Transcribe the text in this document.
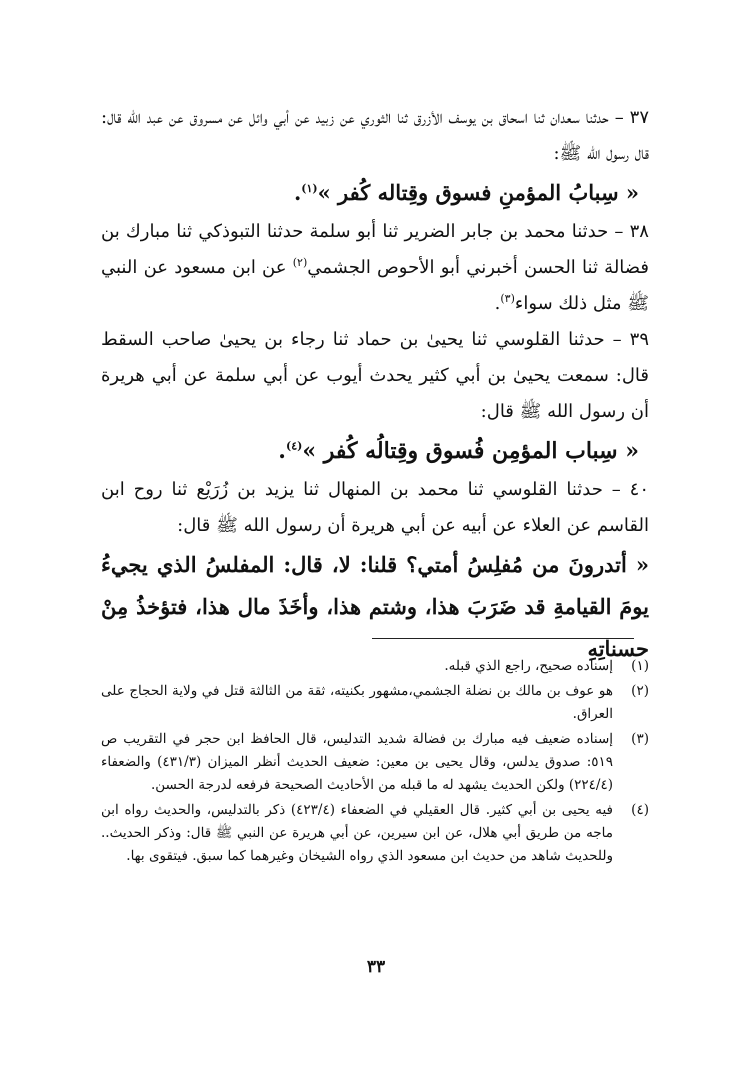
٣٧ – حدثنا سعدان ثنا اسحاق بن يوسف الأزرق ثنا الثوري عن زبيد عن أبي وائل عن مسروق عن عبد الله قال: قال رسول الله ﷺ:

« سِبابُ المؤمنِ فسوق وقِتاله كُفر »$^{(١)}$.

٣٨ – حدثنا محمد بن جابر الضرير ثنا أبو سلمة حدثنا التبوذكي ثنا مبارك بن فضالة ثنا الحسن أخبرني أبو الأحوص الجشمي$^{(٢)}$ عن ابن مسعود عن النبي ﷺ مثل ذلك سواء$^{(٣)}$.

٣٩ – حدثنا القلوسي ثنا يحيىٰ بن حماد ثنا رجاء بن يحيىٰ صاحب السقط قال: سمعت يحيىٰ بن أبي كثير يحدث أيوب عن أبي سلمة عن أبي هريرة أن رسول الله ﷺ قال:

« سِباب المؤمِن فُسوق وقِتالُه كُفر »$^{(٤)}$.

٤٠ – حدثنا القلوسي ثنا محمد بن المنهال ثنا يزيد بن زُرَيْع ثنا روح ابن القاسم عن العلاء عن أبيه عن أبي هريرة أن رسول الله ﷺ قال:

« أتدرونَ من مُفلِسُ أمتي؟ قلنا: لا، قال: المفلسُ الذي يجيءُ يومَ القيامةِ قد ضَرَبَ هذا، وشتم هذا، وأخَذَ مال هذا، فتؤخذُ مِنْ حسناتِهِ

(١)
إسناده صحيح، راجع الذي قبله.
(٢)
هو عوف بن مالك بن نضلة الجشمي،مشهور بكنيته، ثقة من الثالثة قتل في ولاية الحجاج على العراق.
(٣)
إسناده ضعيف فيه مبارك بن فضالة شديد التدليس، قال الحافظ ابن حجر في التقريب ص ٥١٩: صدوق يدلس، وقال يحيى بن معين: ضعيف الحديث أنظر الميزان (٤٣١/٣) والضعفاء (٢٢٤/٤) ولكن الحديث يشهد له ما قبله من الأحاديث الصحيحة فرفعه لدرجة الحسن.
(٤)
فيه يحيى بن أبي كثير. قال العقيلي في الضعفاء (٤٢٣/٤) ذكر بالتدليس، والحديث رواه ابن ماجه من طريق أبي هلال، عن ابن سيرين، عن أبي هريرة عن النبي ﷺ قال: وذكر الحديث.. وللحديث شاهد من حديث ابن مسعود الذي رواه الشيخان وغيرهما كما سبق. فيتقوى بها.
٣٣
